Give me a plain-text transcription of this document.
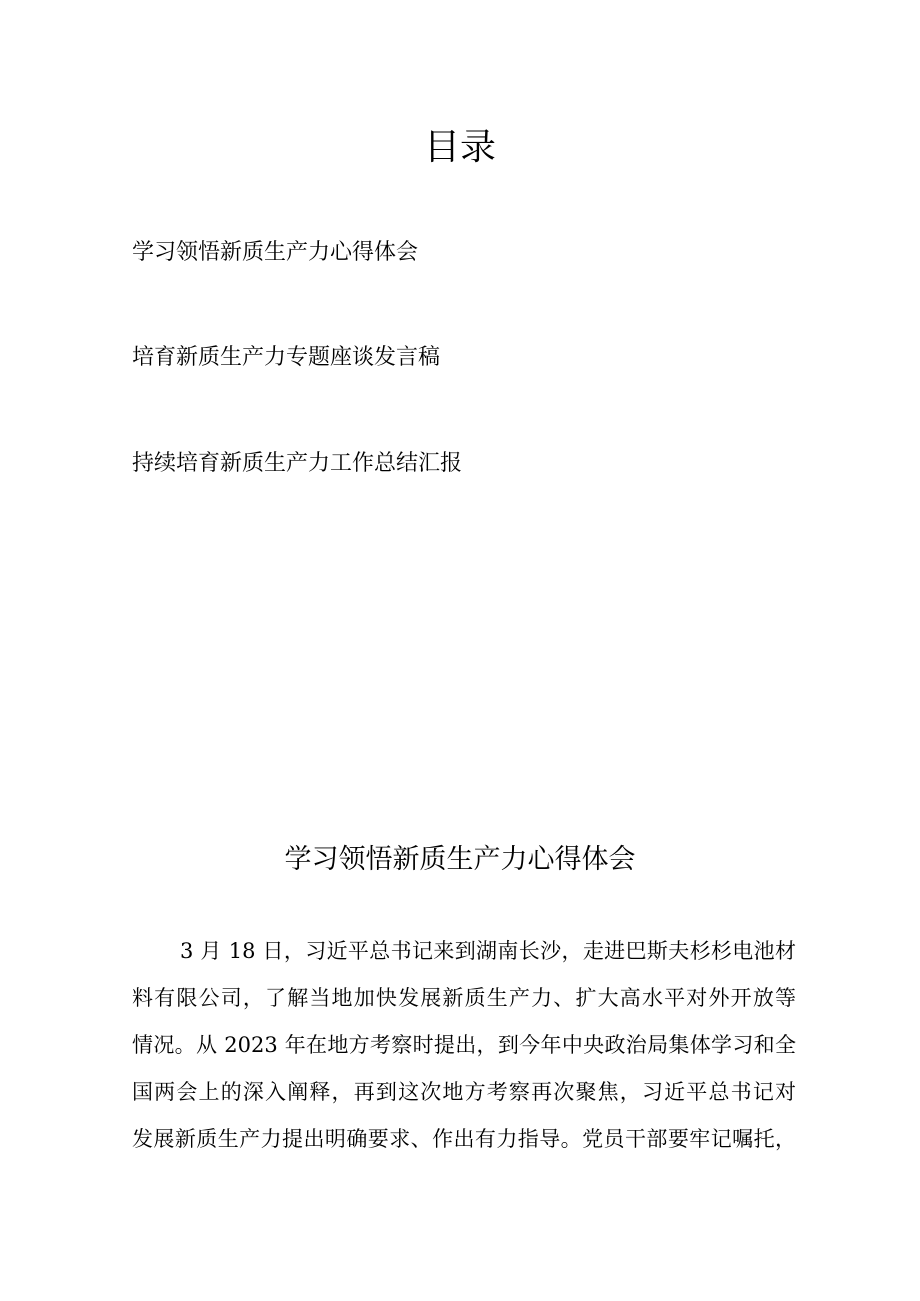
目录
学习领悟新质生产力心得体会
培育新质生产力专题座谈发言稿
持续培育新质生产力工作总结汇报
学习领悟新质生产力心得体会
3 月 18 日，习近平总书记来到湖南长沙，走进巴斯夫杉杉电池材
料有限公司，了解当地加快发展新质生产力、扩大高水平对外开放等
情况。从 2023 年在地方考察时提出，到今年中央政治局集体学习和全
国两会上的深入阐释，再到这次地方考察再次聚焦，习近平总书记对
发展新质生产力提出明确要求、作出有力指导。党员干部要牢记嘱托，
